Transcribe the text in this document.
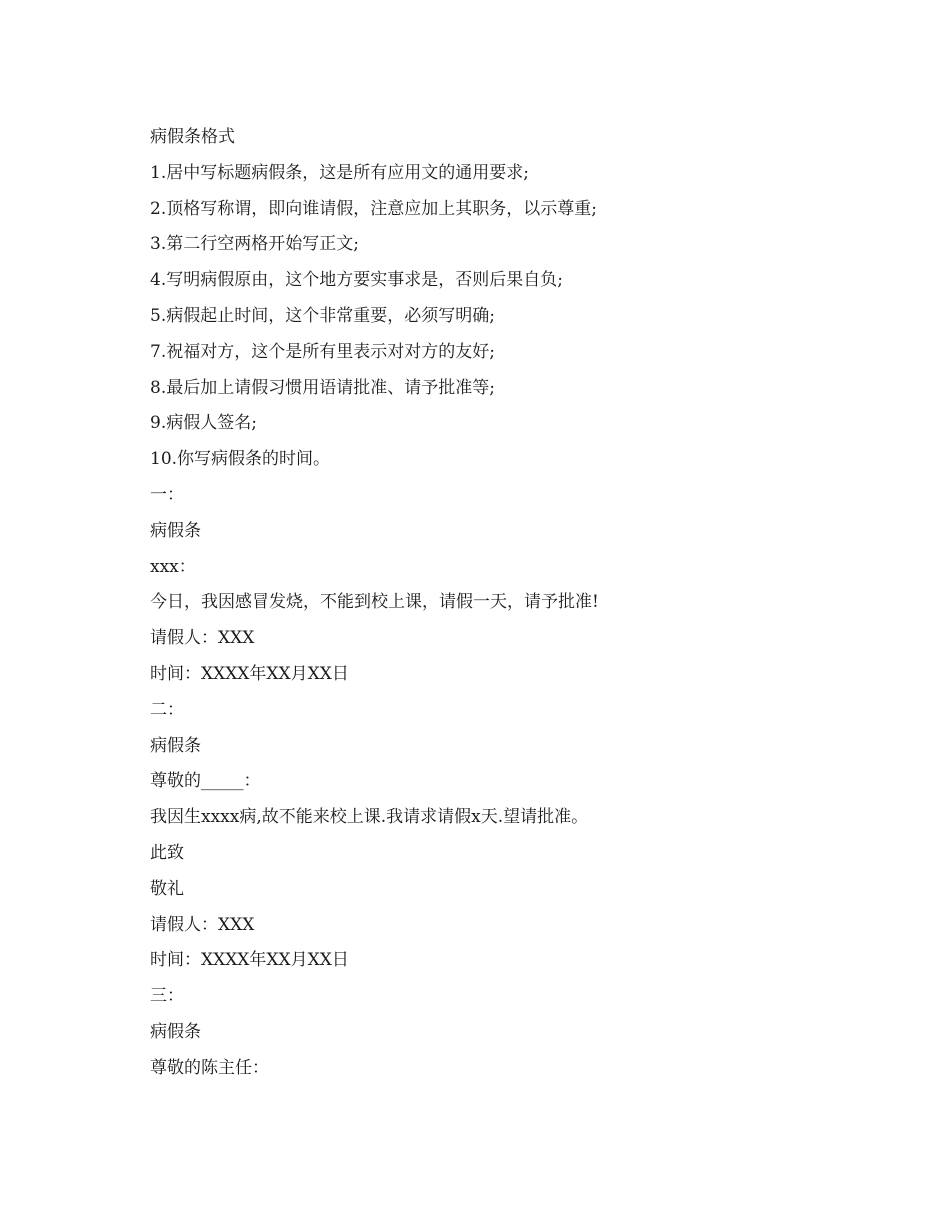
病假条格式

1.居中写标题病假条，这是所有应用文的通用要求;

2.顶格写称谓，即向谁请假，注意应加上其职务，以示尊重;

3.第二行空两格开始写正文;

4.写明病假原由，这个地方要实事求是，否则后果自负;

5.病假起止时间，这个非常重要，必须写明确;

7.祝福对方，这个是所有里表示对对方的友好;

8.最后加上请假习惯用语请批准、请予批准等;

9.病假人签名;

10.你写病假条的时间。

一：

病假条

xxx：

今日，我因感冒发烧，不能到校上课，请假一天，请予批准!

请假人：XXX

时间：XXXX年XX月XX日

二：

病假条

尊敬的_____：

我因生xxxx病,故不能来校上课.我请求请假x天.望请批准。

此致

敬礼

请假人：XXX

时间：XXXX年XX月XX日

三：

病假条

尊敬的陈主任：
